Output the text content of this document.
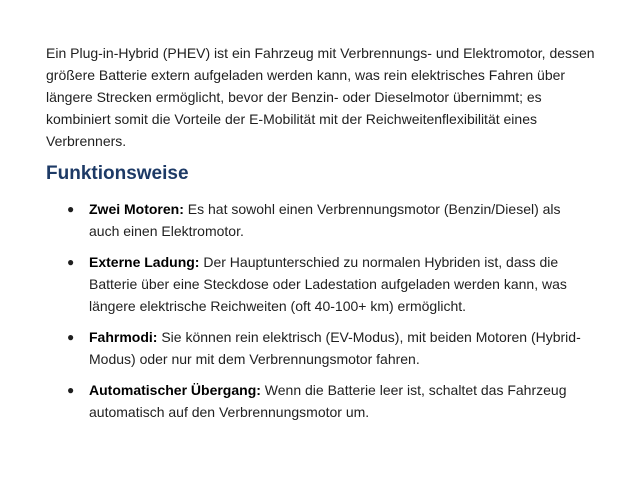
Ein Plug-in-Hybrid (PHEV) ist ein Fahrzeug mit Verbrennungs- und Elektromotor, dessen größere Batterie extern aufgeladen werden kann, was rein elektrisches Fahren über längere Strecken ermöglicht, bevor der Benzin- oder Dieselmotor übernimmt; es kombiniert somit die Vorteile der E-Mobilität mit der Reichweitenflexibilität eines Verbrenners.

Funktionsweise
● Zwei Motoren: Es hat sowohl einen Verbrennungsmotor (Benzin/Diesel) als auch einen Elektromotor.
● Externe Ladung: Der Hauptunterschied zu normalen Hybriden ist, dass die Batterie über eine Steckdose oder Ladestation aufgeladen werden kann, was längere elektrische Reichweiten (oft 40-100+ km) ermöglicht.
● Fahrmodi: Sie können rein elektrisch (EV-Modus), mit beiden Motoren (Hybrid-Modus) oder nur mit dem Verbrennungsmotor fahren.
● Automatischer Übergang: Wenn die Batterie leer ist, schaltet das Fahrzeug automatisch auf den Verbrennungsmotor um.
